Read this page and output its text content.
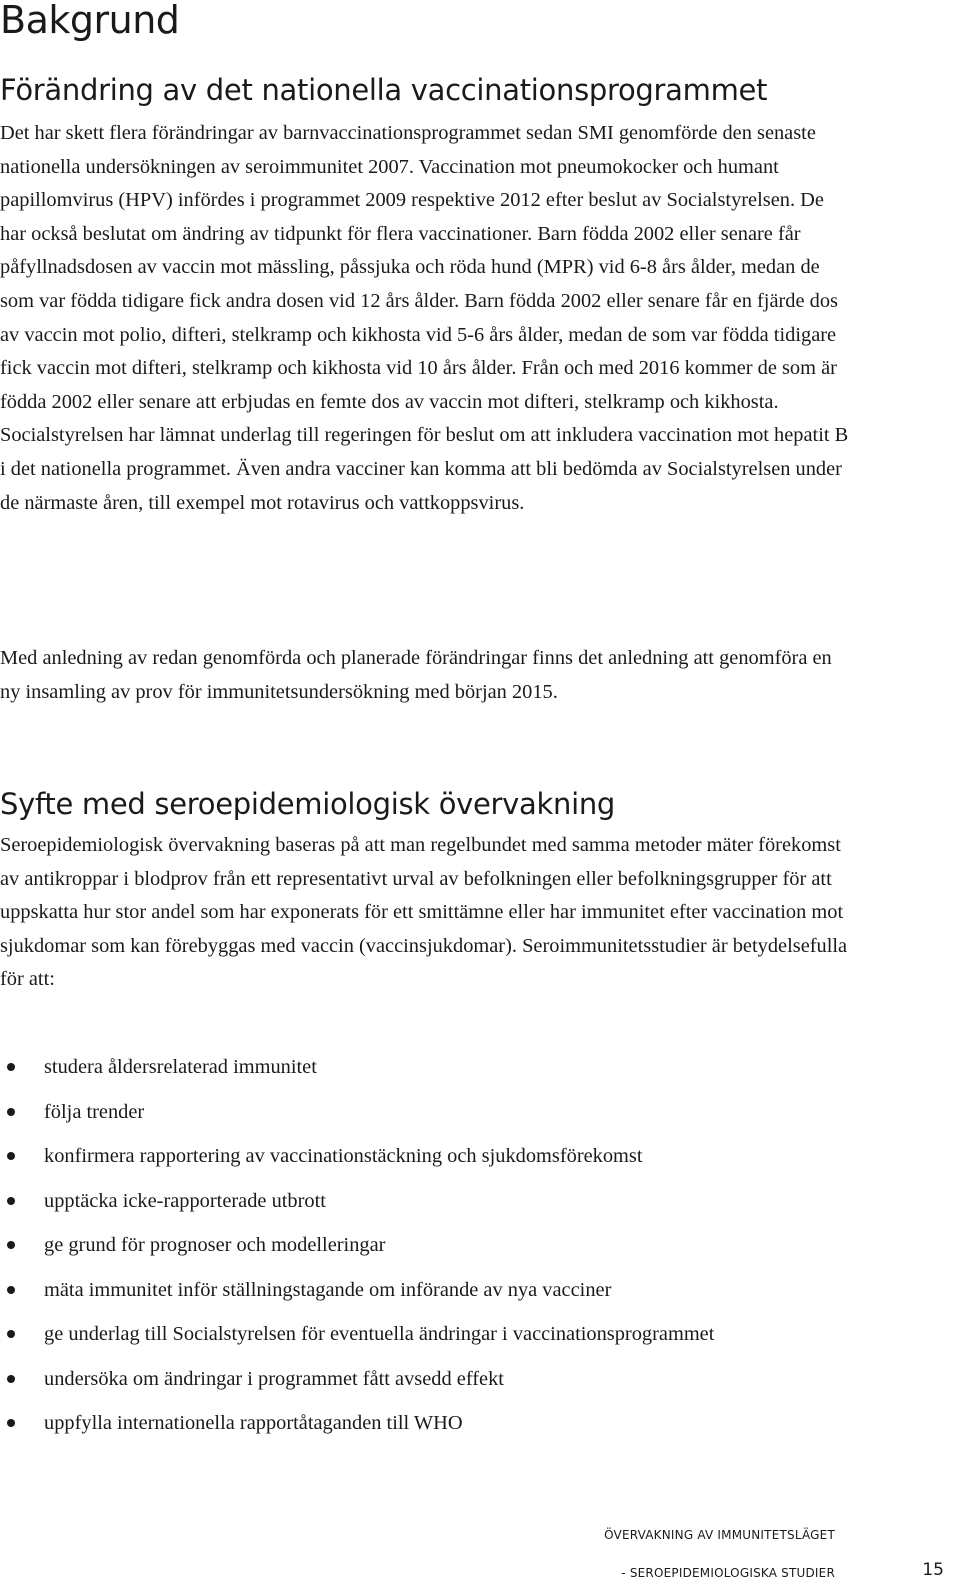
Bakgrund
Förändring av det nationella vaccinationsprogrammet

Det har skett flera förändringar av barnvaccinationsprogrammet sedan SMI genomförde den senaste nationella undersökningen av seroimmunitet 2007. Vaccination mot pneumokocker och humant papillomvirus (HPV) infördes i programmet 2009 respektive 2012 efter beslut av Socialstyrelsen. De har också beslutat om ändring av tidpunkt för flera vaccinationer. Barn födda 2002 eller senare får påfyllnadsdosen av vaccin mot mässling, påssjuka och röda hund (MPR) vid 6-8 års ålder, medan de som var födda tidigare fick andra dosen vid 12 års ålder. Barn födda 2002 eller senare får en fjärde dos av vaccin mot polio, difteri, stelkramp och kikhosta vid 5-6 års ålder, medan de som var födda tidigare fick vaccin mot difteri, stelkramp och kikhosta vid 10 års ålder. Från och med 2016 kommer de som är födda 2002 eller senare att erbjudas en femte dos av vaccin mot difteri, stelkramp och kikhosta. Socialstyrelsen har lämnat underlag till regeringen för beslut om att inkludera vaccination mot hepatit B i det nationella programmet. Även andra vacciner kan komma att bli bedömda av Socialstyrelsen under de närmaste åren, till exempel mot rotavirus och vattkoppsvirus.

Med anledning av redan genomförda och planerade förändringar finns det anledning att genomföra en ny insamling av prov för immunitetsundersökning med början 2015.

Syfte med seroepidemiologisk övervakning

Seroepidemiologisk övervakning baseras på att man regelbundet med samma metoder mäter förekomst av antikroppar i blodprov från ett representativt urval av befolkningen eller befolkningsgrupper för att uppskatta hur stor andel som har exponerats för ett smittämne eller har immunitet efter vaccination mot sjukdomar som kan förebyggas med vaccin (vaccinsjukdomar). Seroimmunitetsstudier är betydelsefulla för att:

studera åldersrelaterad immunitet
följa trender
konfirmera rapportering av vaccinationstäckning och sjukdomsförekomst
upptäcka icke-rapporterade utbrott
ge grund för prognoser och modelleringar
mäta immunitet inför ställningstagande om införande av nya vacciner
ge underlag till Socialstyrelsen för eventuella ändringar i vaccinationsprogrammet
undersöka om ändringar i programmet fått avsedd effekt
uppfylla internationella rapportåtaganden till WHO
ÖVERVAKNING AV IMMUNITETSLÄGET
- SEROEPIDEMIOLOGISKA STUDIER	15
